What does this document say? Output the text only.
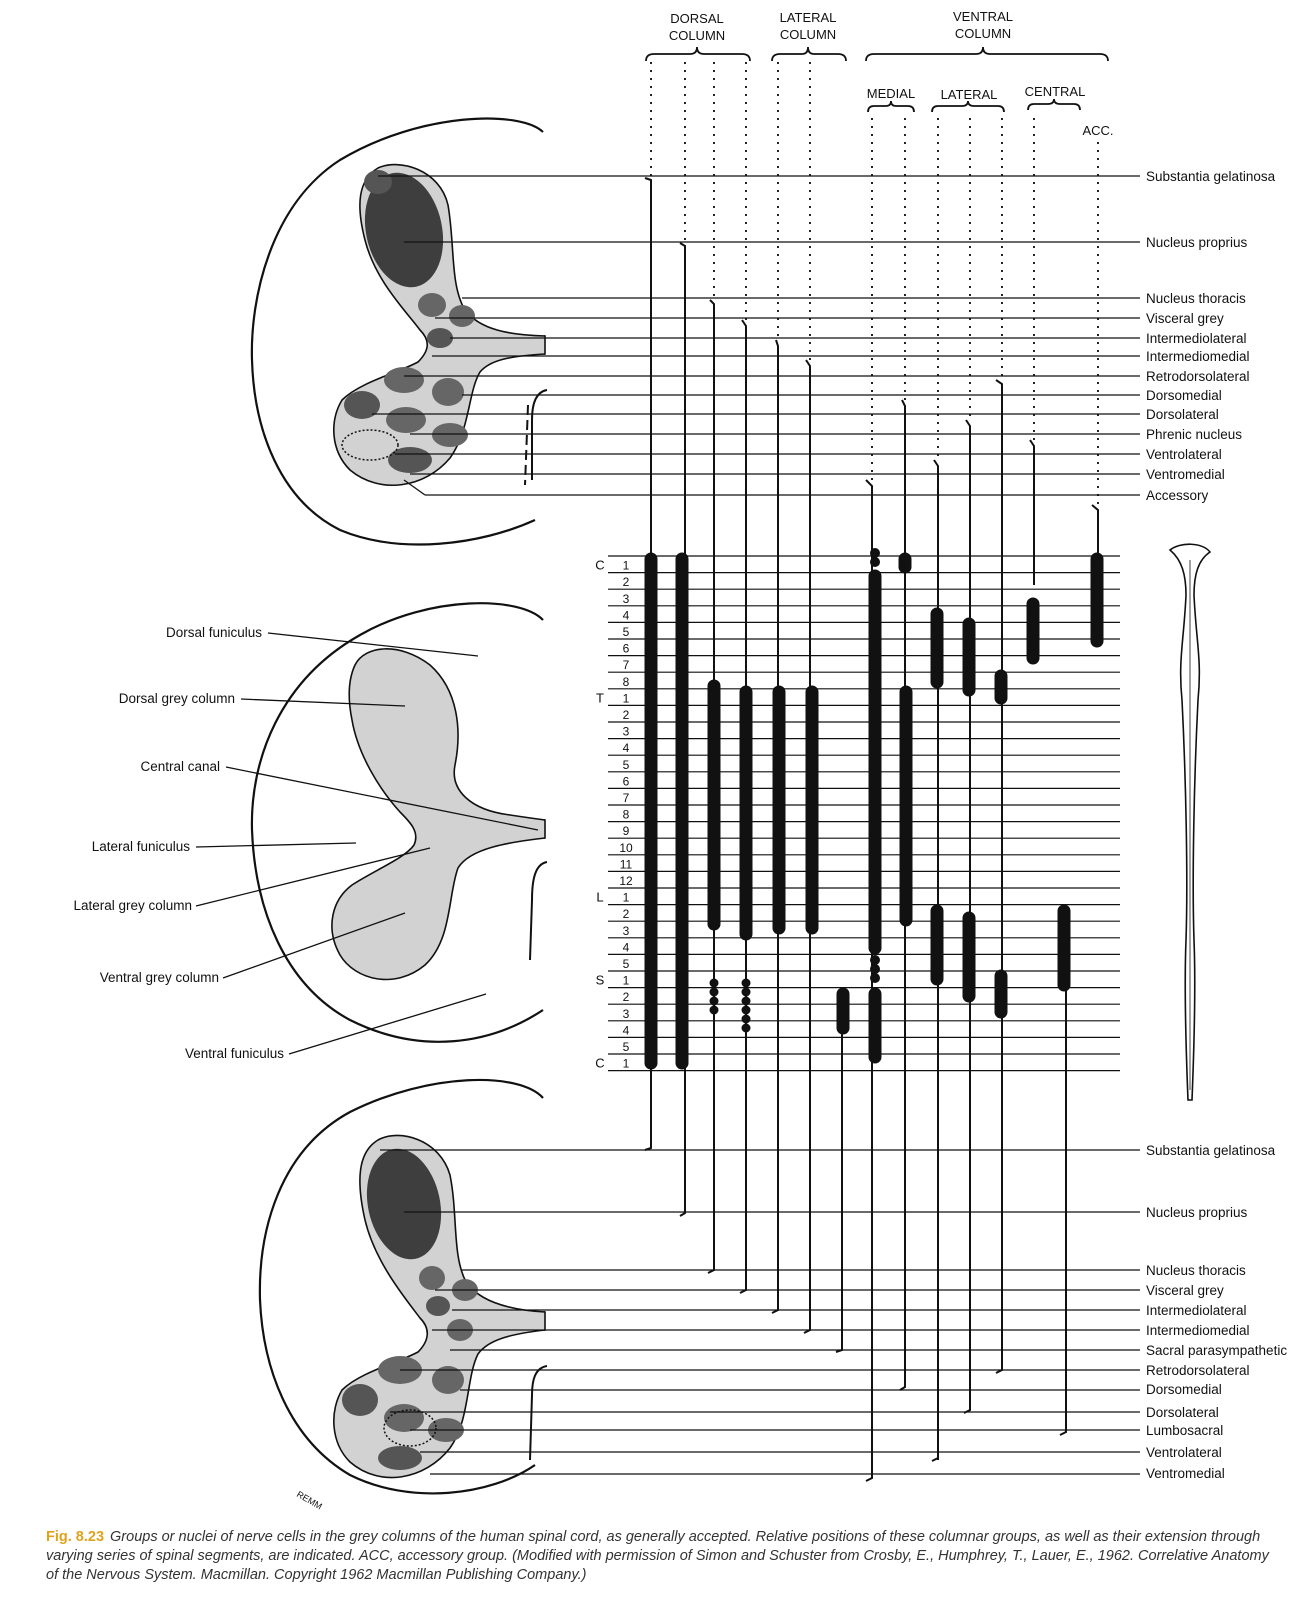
DORSAL
COLUMN
LATERAL
COLUMN
VENTRAL
COLUMN
MEDIAL LATERAL CENTRAL
ACC.
Substantia gelatinosa
Nucleus proprius
Nucleus thoracis
Visceral grey
Intermediolateral
Intermediomedial
Retrodorsolateral
Dorsomedial
Dorsolateral
Phrenic nucleus
Ventrolateral
Ventromedial
Accessory
Dorsal funiculus
Dorsal grey column
Central canal
Lateral funiculus
Lateral grey column
Ventral grey column
Ventral funiculus
1
2
3
4
5
6
7
8
1
2
3
4
5
6
7
8
9
10
11
12
1
2
3
4
5
1
2
3
4
5
1
C
T
L
S
C
REMM
Substantia gelatinosa
Nucleus proprius
Nucleus thoracis
Visceral grey
Intermediolateral
Intermediomedial
Sacral parasympathetic
Retrodorsolateral
Dorsomedial
Dorsolateral
Lumbosacral
Ventrolateral
Ventromedial
Fig. 8.23 Groups or nuclei of nerve cells in the grey columns of the human spinal cord, as generally accepted. Relative positions of these columnar groups, as well as their extension through varying series of spinal segments, are indicated. ACC, accessory group. (Modified with permission of Simon and Schuster from Crosby, E., Humphrey, T., Lauer, E., 1962. Correlative Anatomy of the Nervous System. Macmillan. Copyright 1962 Macmillan Publishing Company.)
